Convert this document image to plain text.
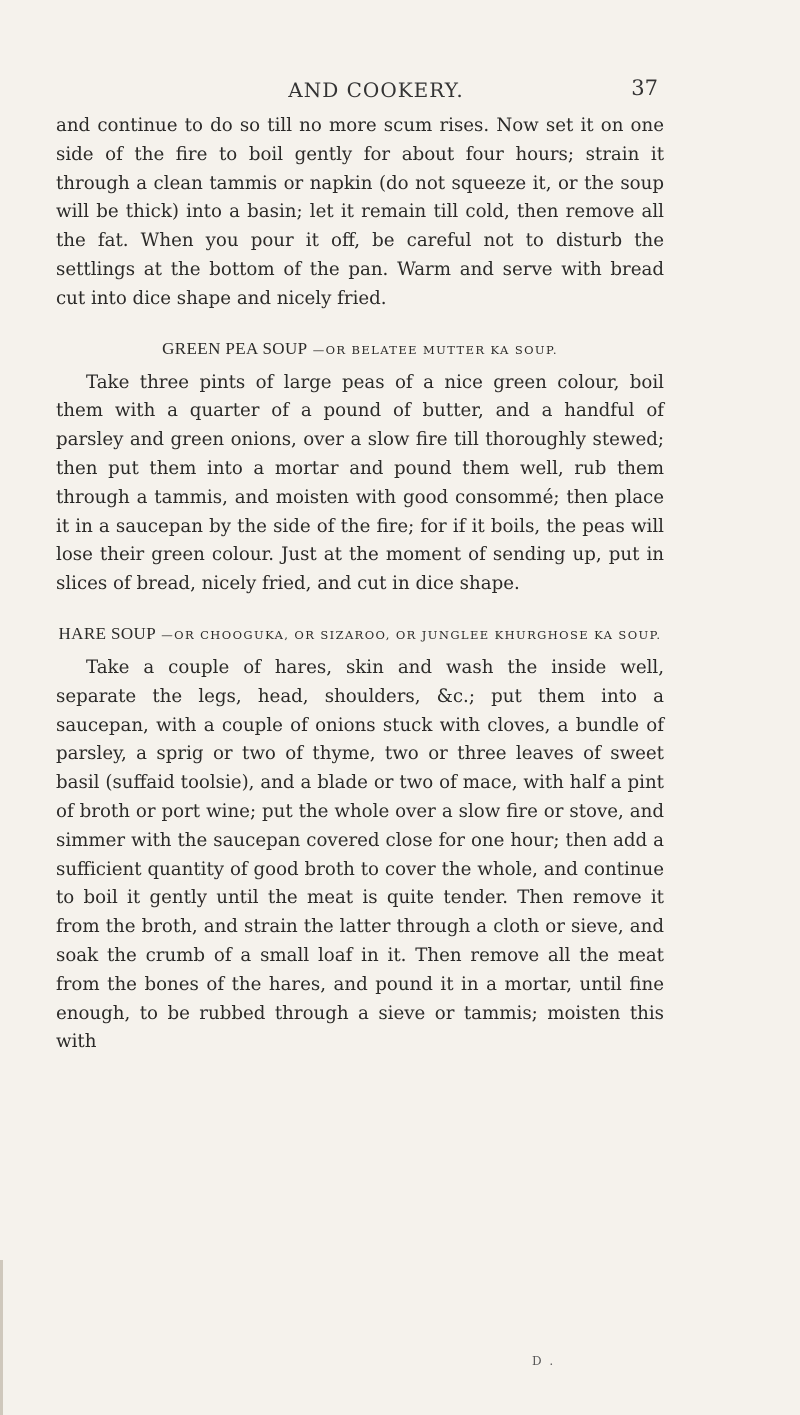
AND COOKERY.	37

and continue to do so till no more scum rises. Now set it on one side of the fire to boil gently for about four hours; strain it through a clean tammis or napkin (do not squeeze it, or the soup will be thick) into a basin; let it remain till cold, then remove all the fat. When you pour it off, be careful not to disturb the settlings at the bottom of the pan. Warm and serve with bread cut into dice shape and nicely fried.

GREEN PEA SOUP —OR BELATEE MUTTER KA SOUP.

Take three pints of large peas of a nice green colour, boil them with a quarter of a pound of butter, and a handful of parsley and green onions, over a slow fire till thoroughly stewed; then put them into a mortar and pound them well, rub them through a tammis, and moisten with good consommé; then place it in a saucepan by the side of the fire; for if it boils, the peas will lose their green colour. Just at the moment of sending up, put in slices of bread, nicely fried, and cut in dice shape.

HARE SOUP —OR CHOOGUKA, OR SIZAROO, OR JUNGLEE KHURGHOSE KA SOUP.

Take a couple of hares, skin and wash the inside well, separate the legs, head, shoulders, &c.; put them into a saucepan, with a couple of onions stuck with cloves, a bundle of parsley, a sprig or two of thyme, two or three leaves of sweet basil (suffaid toolsie), and a blade or two of mace, with half a pint of broth or port wine; put the whole over a slow fire or stove, and simmer with the saucepan covered close for one hour; then add a sufficient quantity of good broth to cover the whole, and continue to boil it gently until the meat is quite tender. Then remove it from the broth, and strain the latter through a cloth or sieve, and soak the crumb of a small loaf in it. Then remove all the meat from the bones of the hares, and pound it in a mortar, until fine enough, to be rubbed through a sieve or tammis; moisten this with

D .
